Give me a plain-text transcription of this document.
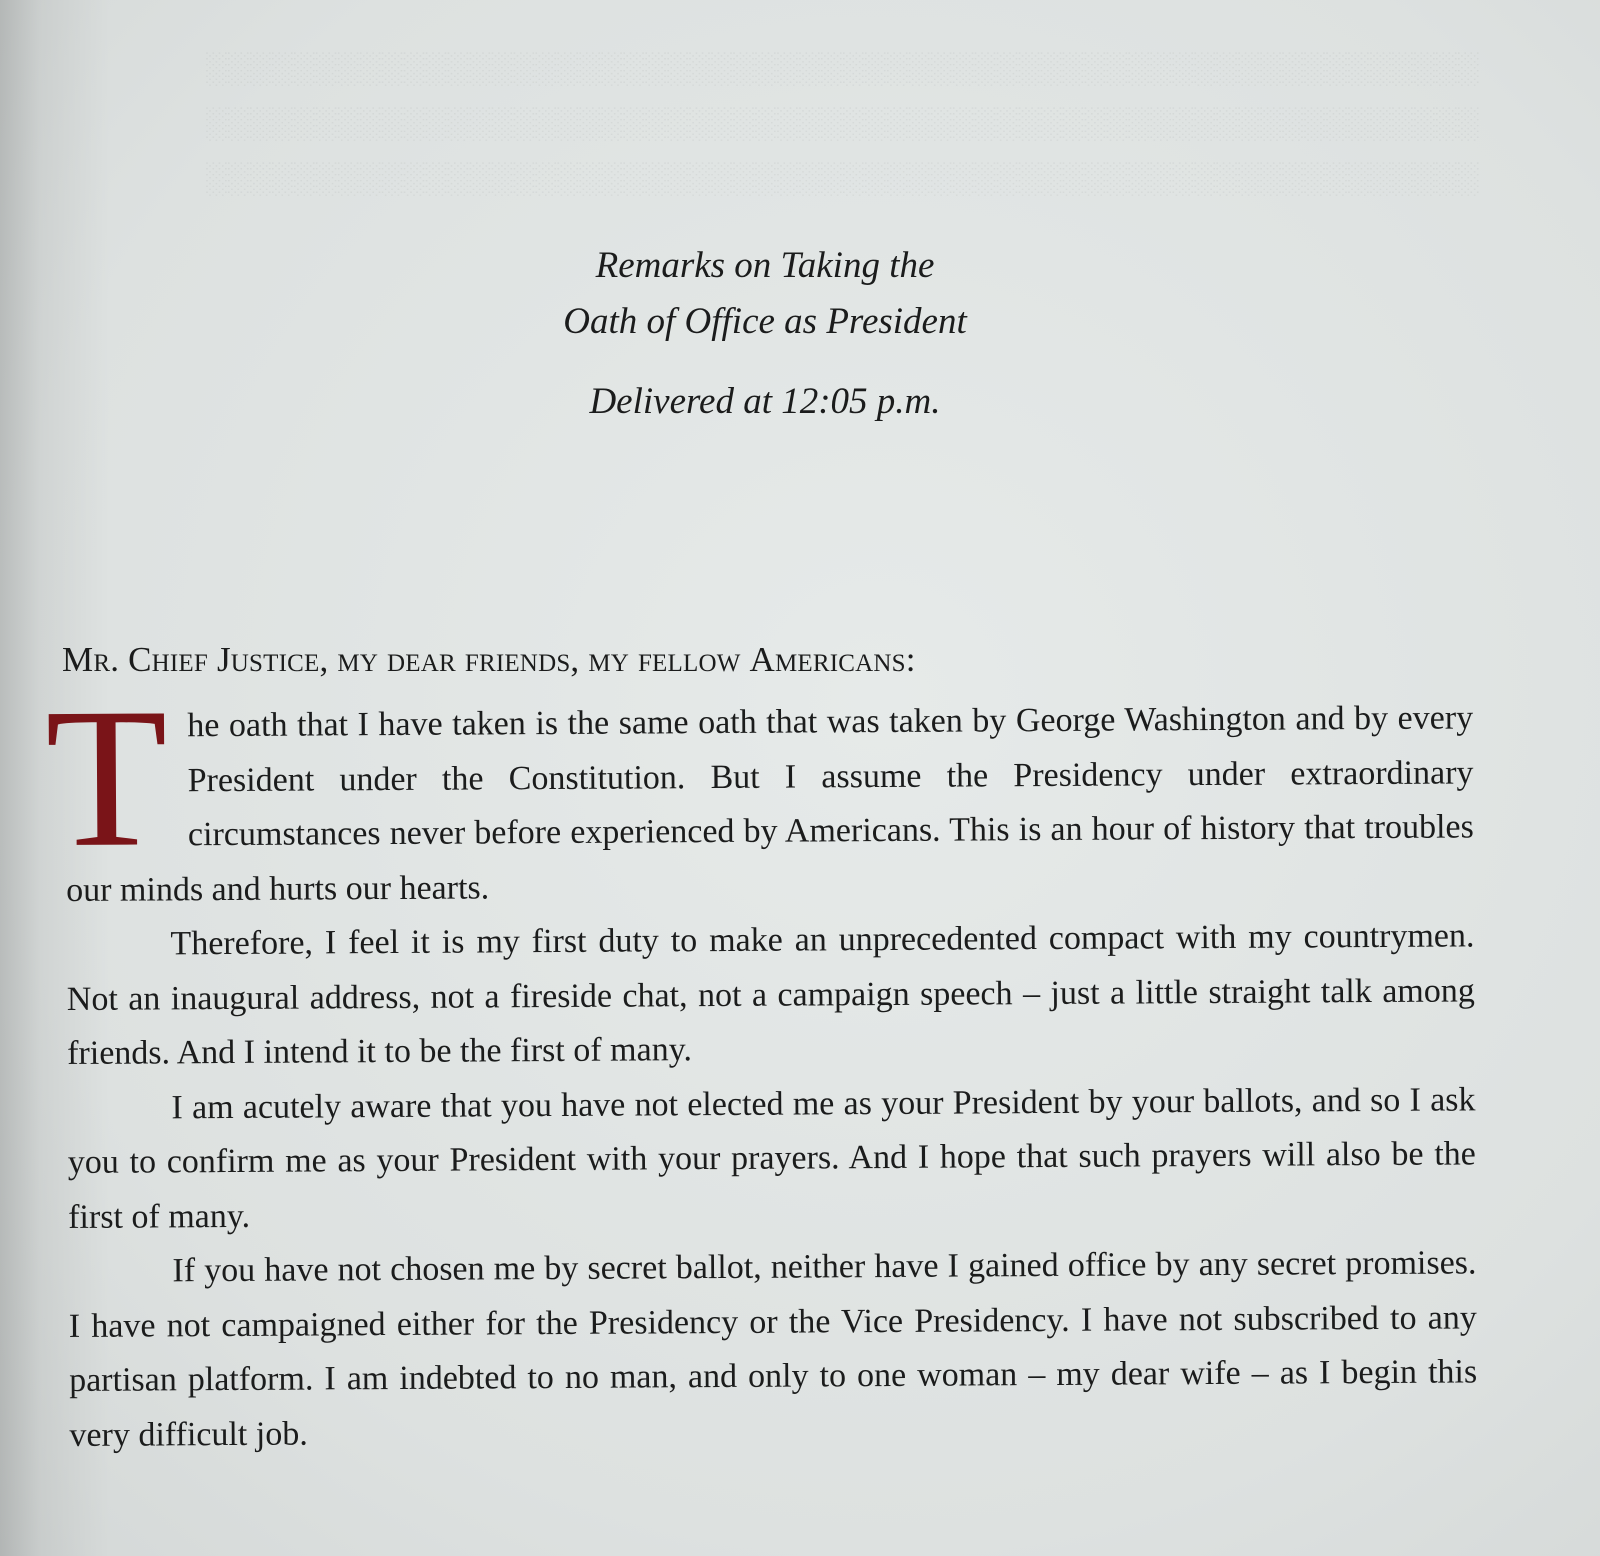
░░░░░░░░░░░░░░░░░░░░░░░░░░░░░░░░░░░░░░░░░░░░░░░░░░░░░░░░░░
░░░░░░░░░░░░░░░░░░░░░░░░░░░░░░░░░░░░░░░░░░░░░░░░░░░░░░░░░░
░░░░░░░░░░░░░░░░░░░░░░░░░░░░░░░░░░░░░░░░░░░░░░░░░░░░░░░░░░
Remarks on Taking the
Oath of Office as President
Delivered at 12:05 p.m.
Mr. Chief Justice, my dear friends, my fellow Americans:

The oath that I have taken is the same oath that was taken by George Washington and by every President under the Constitution. But I assume the Presidency under extraordinary circumstances never before experienced by Americans. This is an hour of history that troubles our minds and hurts our hearts.

Therefore, I feel it is my first duty to make an unprecedented compact with my countrymen. Not an inaugural address, not a fireside chat, not a campaign speech – just a little straight talk among friends. And I intend it to be the first of many.

I am acutely aware that you have not elected me as your President by your ballots, and so I ask you to confirm me as your President with your prayers. And I hope that such prayers will also be the first of many.

If you have not chosen me by secret ballot, neither have I gained office by any secret promises. I have not campaigned either for the Presidency or the Vice Presidency. I have not subscribed to any partisan platform. I am indebted to no man, and only to one woman – my dear wife – as I begin this very difficult job.
